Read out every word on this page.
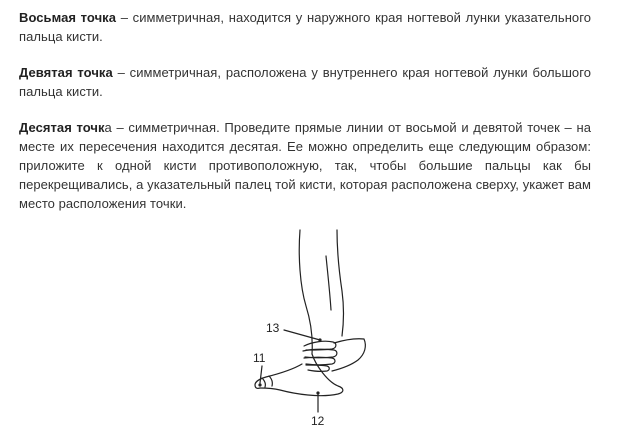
Восьмая точка – симметричная, находится у наружного края ногтевой лунки указательного пальца кисти.

Девятая точка – симметричная, расположена у внутреннего края ногтевой лунки большого пальца кисти.

Десятая точка – симметричная. Проведите прямые линии от восьмой и девятой точек – на месте их пересечения находится десятая. Ее можно определить еще следующим образом: приложите к одной кисти противоположную, так, чтобы большие пальцы как бы перекрещивались, а указательный палец той кисти, которая расположена сверху, укажет вам место расположения точки.

13
11
12
